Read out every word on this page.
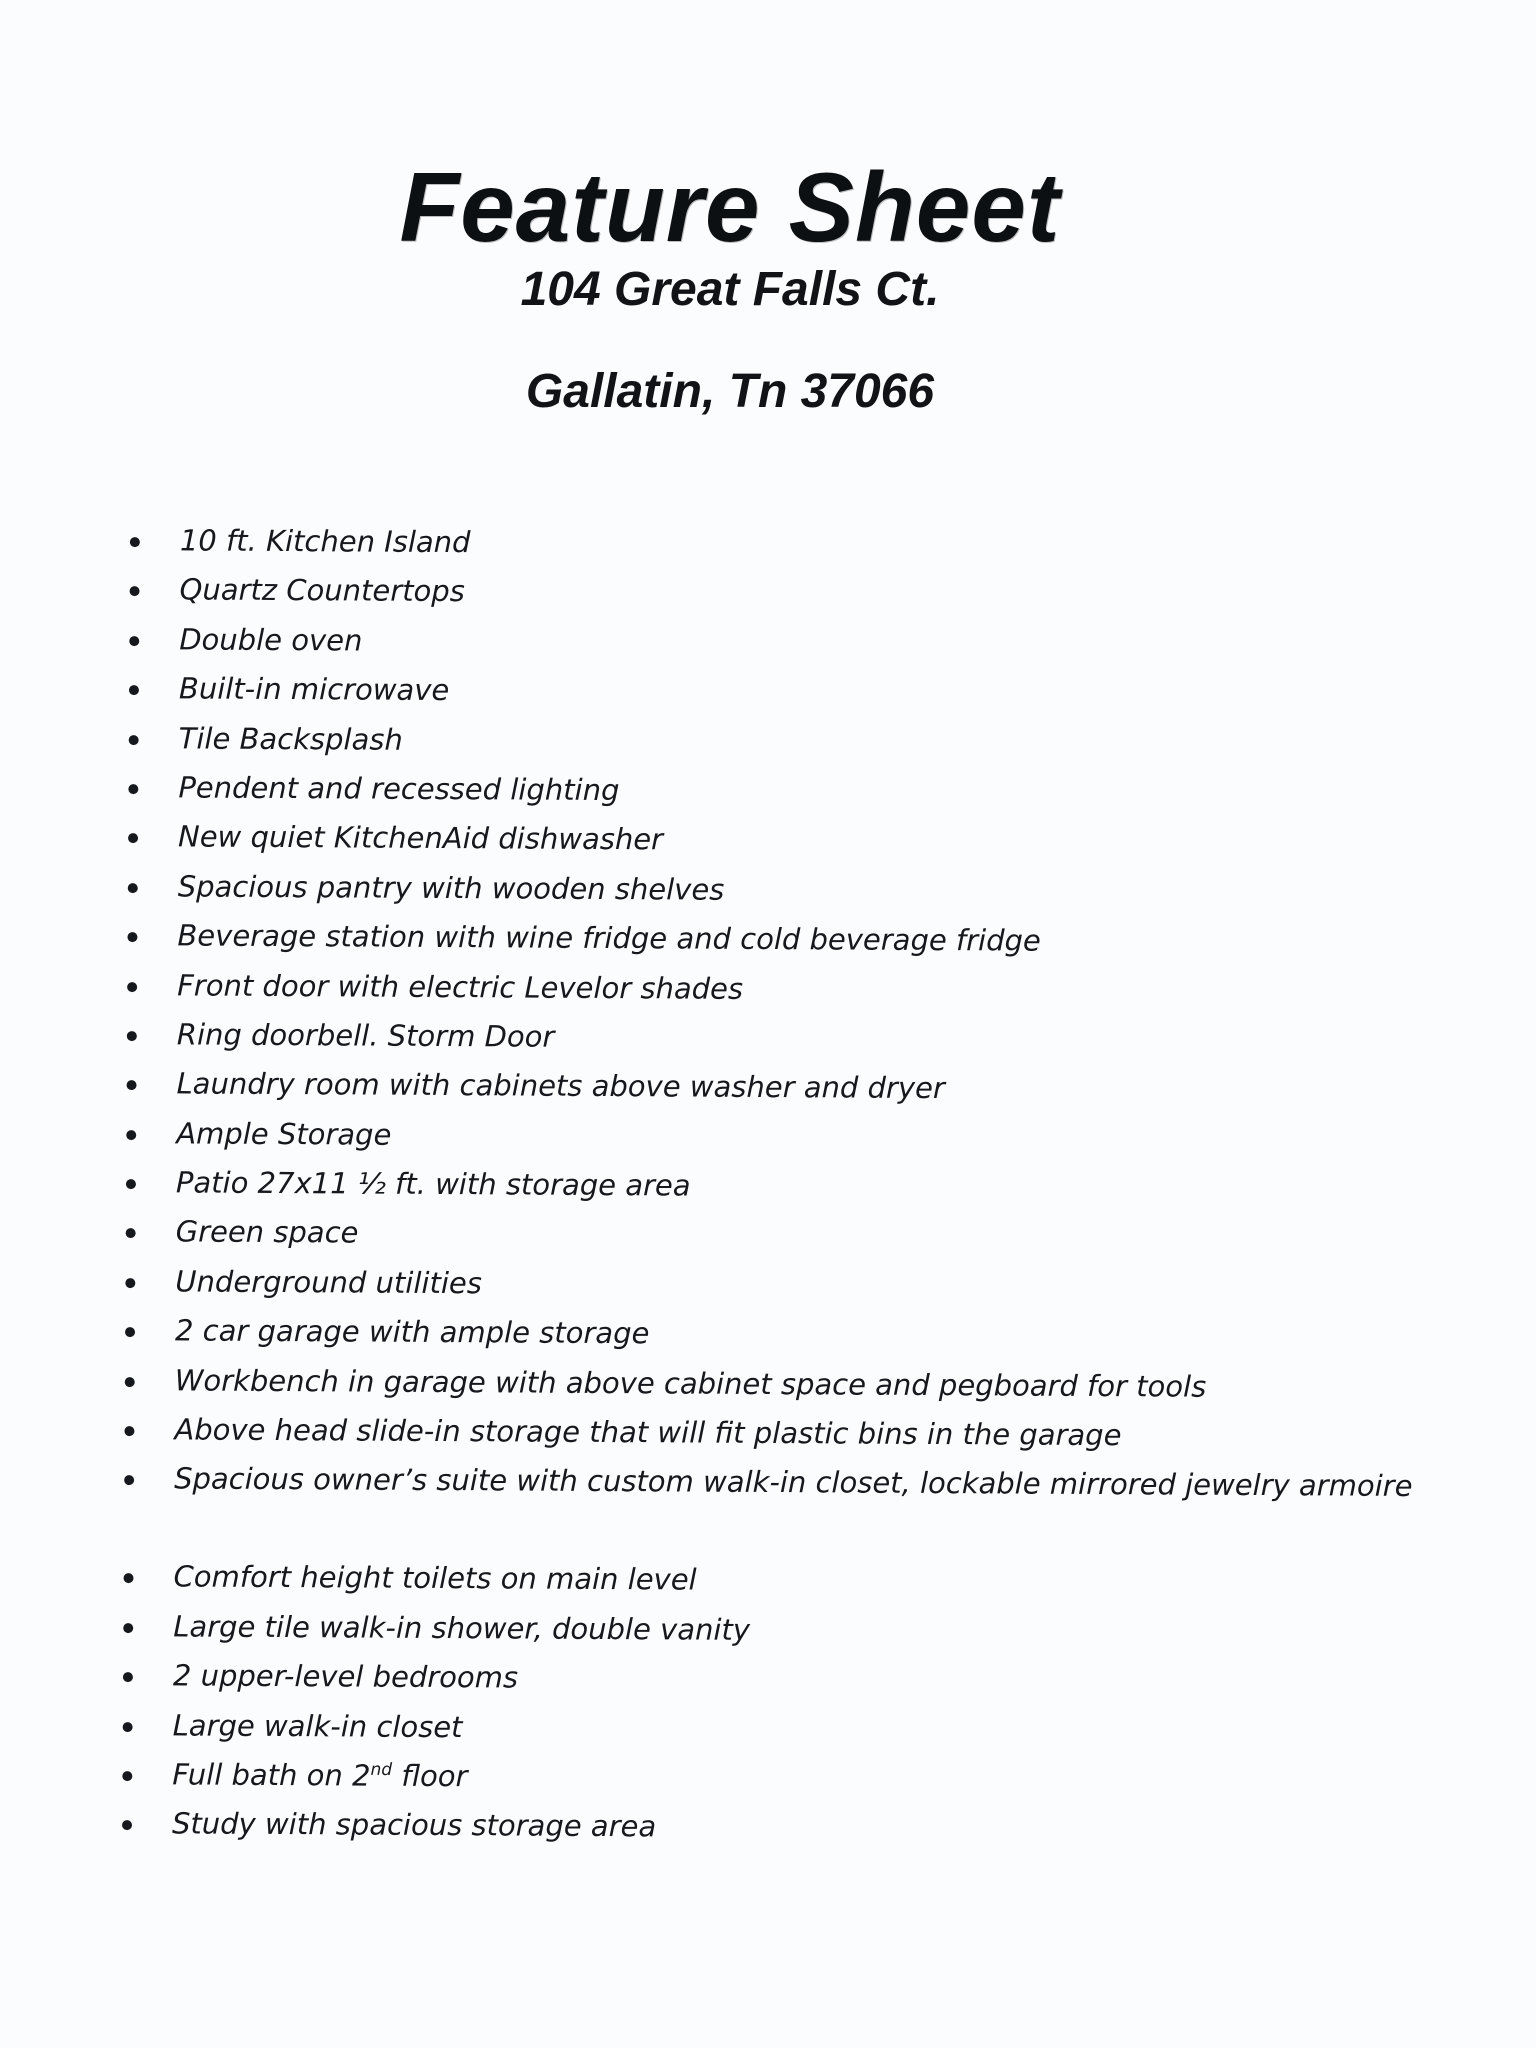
Feature Sheet
104 Great Falls Ct.
Gallatin, Tn 37066
10 ft. Kitchen Island
Quartz Countertops
Double oven
Built-in microwave
Tile Backsplash
Pendent and recessed lighting
New quiet KitchenAid dishwasher
Spacious pantry with wooden shelves
Beverage station with wine fridge and cold beverage fridge
Front door with electric Levelor shades
Ring doorbell. Storm Door
Laundry room with cabinets above washer and dryer
Ample Storage
Patio 27x11 ½ ft. with storage area
Green space
Underground utilities
2 car garage with ample storage
Workbench in garage with above cabinet space and pegboard for tools
Above head slide-in storage that will fit plastic bins in the garage
Spacious owner’s suite with custom walk-in closet, lockable mirrored jewelry armoire
Comfort height toilets on main level
Large tile walk-in shower, double vanity
2 upper-level bedrooms
Large walk-in closet
Full bath on 2nd floor
Study with spacious storage area
